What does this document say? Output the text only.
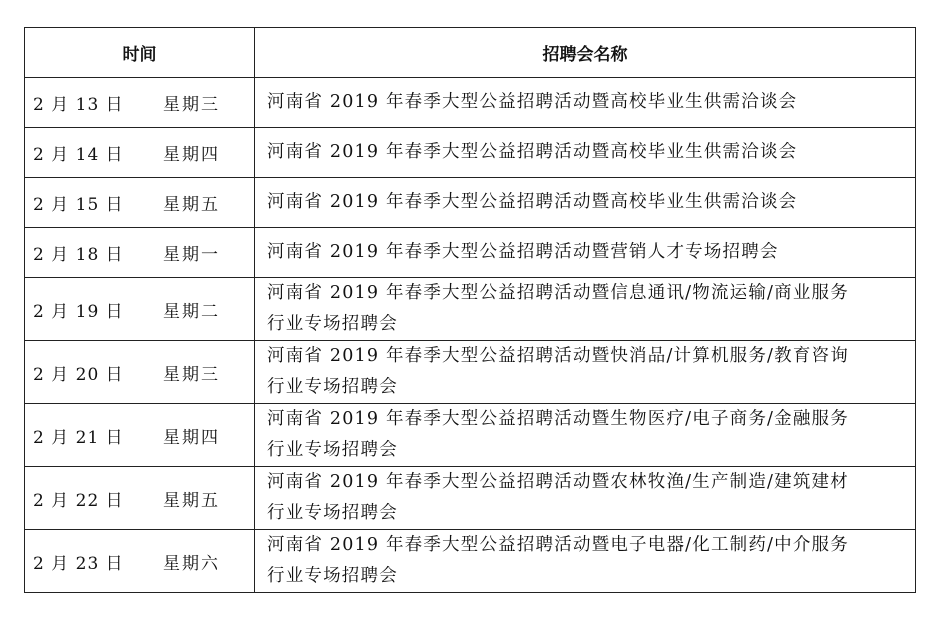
时间	招聘会名称
2 月 13 日 星期三	河南省 2019 年春季大型公益招聘活动暨高校毕业生供需洽谈会

2 月 14 日 星期四	河南省 2019 年春季大型公益招聘活动暨高校毕业生供需洽谈会

2 月 15 日 星期五	河南省 2019 年春季大型公益招聘活动暨高校毕业生供需洽谈会

2 月 18 日 星期一	河南省 2019 年春季大型公益招聘活动暨营销人才专场招聘会

2 月 19 日 星期二	河南省 2019 年春季大型公益招聘活动暨信息通讯/物流运输/商业服务
行业专场招聘会

2 月 20 日 星期三	河南省 2019 年春季大型公益招聘活动暨快消品/计算机服务/教育咨询
行业专场招聘会

2 月 21 日 星期四	河南省 2019 年春季大型公益招聘活动暨生物医疗/电子商务/金融服务
行业专场招聘会

2 月 22 日 星期五	河南省 2019 年春季大型公益招聘活动暨农林牧渔/生产制造/建筑建材
行业专场招聘会

2 月 23 日 星期六	河南省 2019 年春季大型公益招聘活动暨电子电器/化工制药/中介服务
行业专场招聘会
